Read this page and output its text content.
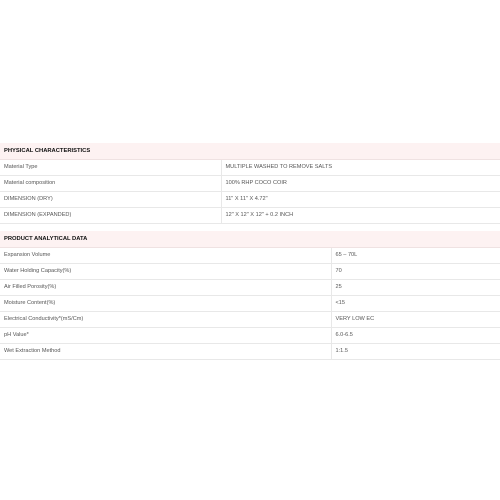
PHYSICAL CHARACTERISTICS	
Material Type	MULTIPLE WASHED TO REMOVE SALTS
Material composition	100% RHP COCO COIR
DIMENSION (DRY)	11" X 11" X 4.72"
DIMENSION (EXPANDED)	12" X 12" X 12" + 0.2 INCH
PRODUCT ANALYTICAL DATA	
Expansion Volume	65 – 70L
Water Holding Capacity(%)	70
Air Filled Porosity(%)	25
Moisture Content(%)	<15
Electrical Conductivity*(mS/Cm)	VERY LOW EC
pH Value*	6.0-6.5
Wet Extraction Method	1:1.5
